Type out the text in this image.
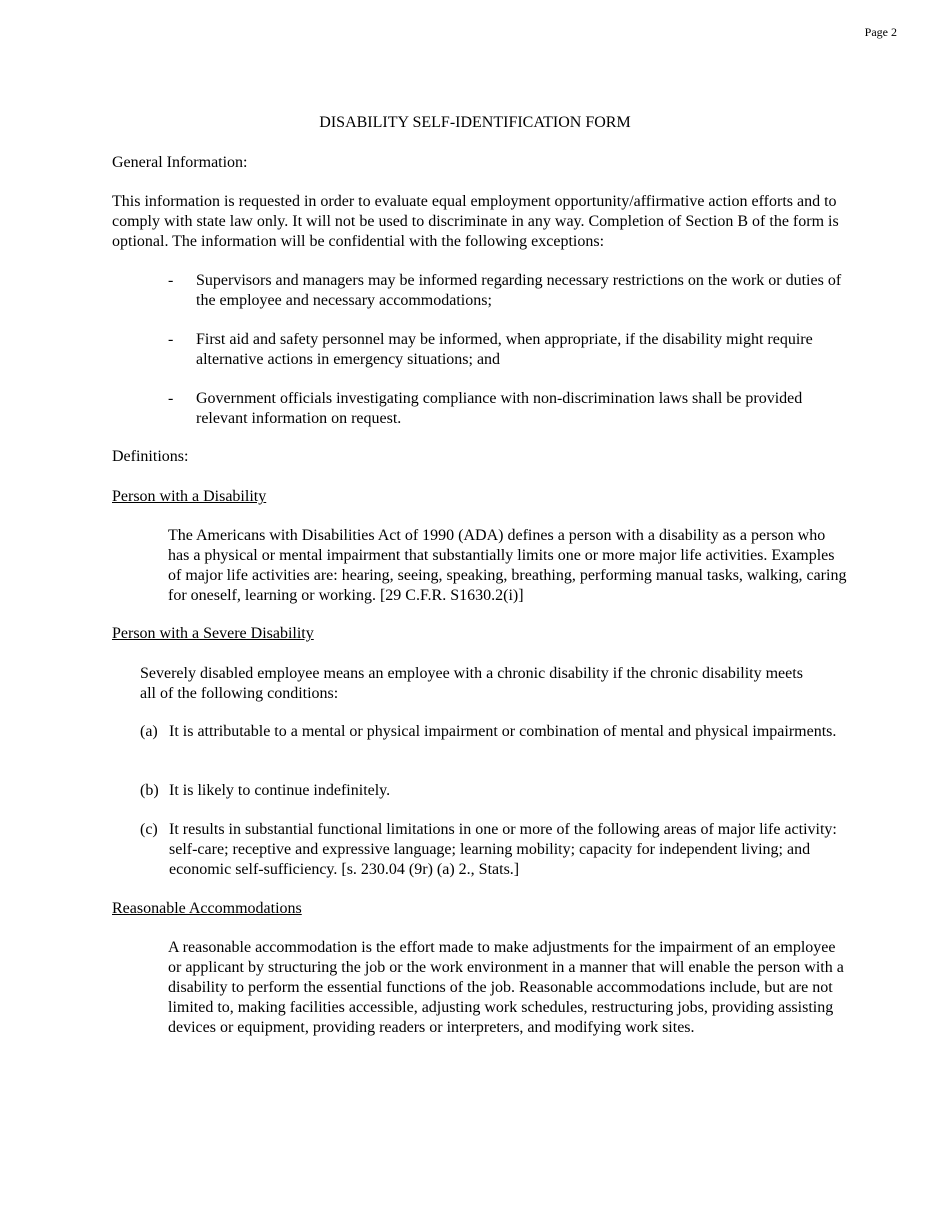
Page 2
DISABILITY SELF-IDENTIFICATION FORM

General Information:

This information is requested in order to evaluate equal employment opportunity/affirmative action efforts and to comply with state law only. It will not be used to discriminate in any way. Completion of Section B of the form is optional. The information will be confidential with the following exceptions:

- Supervisors and managers may be informed regarding necessary restrictions on the work or duties of the employee and necessary accommodations;
- First aid and safety personnel may be informed, when appropriate, if the disability might require alternative actions in emergency situations; and
- Government officials investigating compliance with non-discrimination laws shall be provided relevant information on request.

Definitions:

Person with a Disability

The Americans with Disabilities Act of 1990 (ADA) defines a person with a disability as a person who has a physical or mental impairment that substantially limits one or more major life activities. Examples of major life activities are: hearing, seeing, speaking, breathing, performing manual tasks, walking, caring for oneself, learning or working. [29 C.F.R. S1630.2(i)]

Person with a Severe Disability

Severely disabled employee means an employee with a chronic disability if the chronic disability meets all of the following conditions:

(a) It is attributable to a mental or physical impairment or combination of mental and physical impairments.
(b) It is likely to continue indefinitely.
(c) It results in substantial functional limitations in one or more of the following areas of major life activity: self-care; receptive and expressive language; learning mobility; capacity for independent living; and economic self-sufficiency. [s. 230.04 (9r) (a) 2., Stats.]

Reasonable Accommodations

A reasonable accommodation is the effort made to make adjustments for the impairment of an employee or applicant by structuring the job or the work environment in a manner that will enable the person with a disability to perform the essential functions of the job. Reasonable accommodations include, but are not limited to, making facilities accessible, adjusting work schedules, restructuring jobs, providing assisting devices or equipment, providing readers or interpreters, and modifying work sites.
